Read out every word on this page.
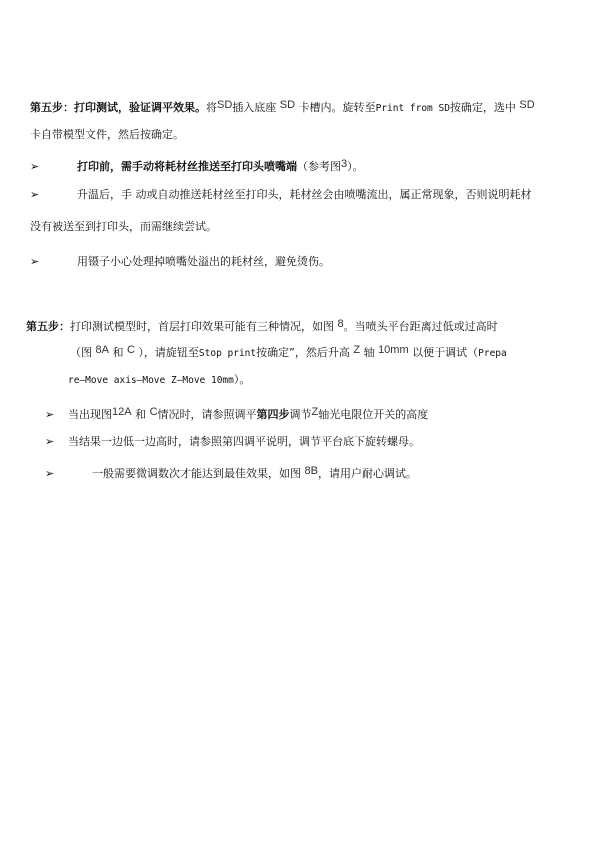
第五步：打印测试，验证调平效果。将SD插入底座 SD 卡槽内。旋转至Print from SD按确定，选中 SD
卡自带模型文件，然后按确定。
➢	打印前，需手动将耗材丝推送至打印头喷嘴端（参考图3）。
➢	升温后，手 动或自动推送耗材丝至打印头，耗材丝会由喷嘴流出，属正常现象，否则说明耗材
没有被送至到打印头，而需继续尝试。
➢	用镊子小心处理掉喷嘴处溢出的耗材丝，避免烫伤。
第五步：打印测试模型时，首层打印效果可能有三种情况，如图 8。当喷头平台距离过低或过高时
（图 8A 和 C ），请旋钮至Stop print按确定”，然后升高 Z 轴 10mm 以便于调试（Prepa
re—Move axis—Move Z—Move 10mm）。
➢ 当出现图12A 和 C情况时，请参照调平第四步调节Z轴光电限位开关的高度
➢ 当结果一边低一边高时，请参照第四调平说明，调节平台底下旋转螺母。
➢	一般需要微调数次才能达到最佳效果，如图 8B，请用户耐心调试。
